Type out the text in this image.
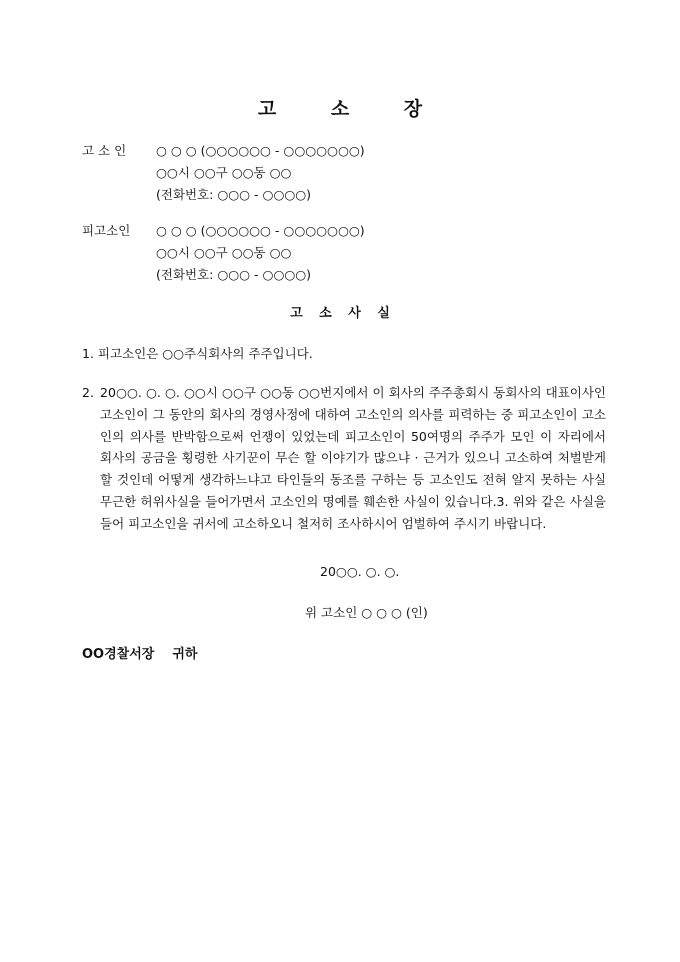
고	소	장
고 소 인 ○ ○ ○ (○○○○○○ - ○○○○○○○)
○○시 ○○구 ○○동 ○○
(전화번호: ○○○ - ○○○○)
피고소인 ○ ○ ○ (○○○○○○ - ○○○○○○○)
○○시 ○○구 ○○동 ○○
(전화번호: ○○○ - ○○○○)
고 소 사 실
1. 피고소인은 ○○주식회사의 주주입니다.
2. 20○○. ○. ○. ○○시 ○○구 ○○동 ○○번지에서 이 회사의 주주총회시 동회사의 대표이사인 고소인이 그 동안의 회사의 경영사정에 대하여 고소인의 의사를 피력하는 중 피고소인이 고소인의 의사를 반박함으로써 언쟁이 있었는데 피고소인이 50여명의 주주가 모인 이 자리에서 회사의 공금을 횡령한 사기꾼이 무슨 할 이야기가 많으냐 · 근거가 있으니 고소하여 처벌받게 할 것인데 어떻게 생각하느냐고 타인들의 동조를 구하는 등 고소인도 전혀 알지 못하는 사실무근한 허위사실을 들어가면서 고소인의 명예를 훼손한 사실이 있습니다.3. 위와 같은 사실을 들어 피고소인을 귀서에 고소하오니 철저히 조사하시어 엄벌하여 주시기 바랍니다.
20○○. ○. ○.
위 고소인 ○ ○ ○ (인)
OO경찰서장 귀하
